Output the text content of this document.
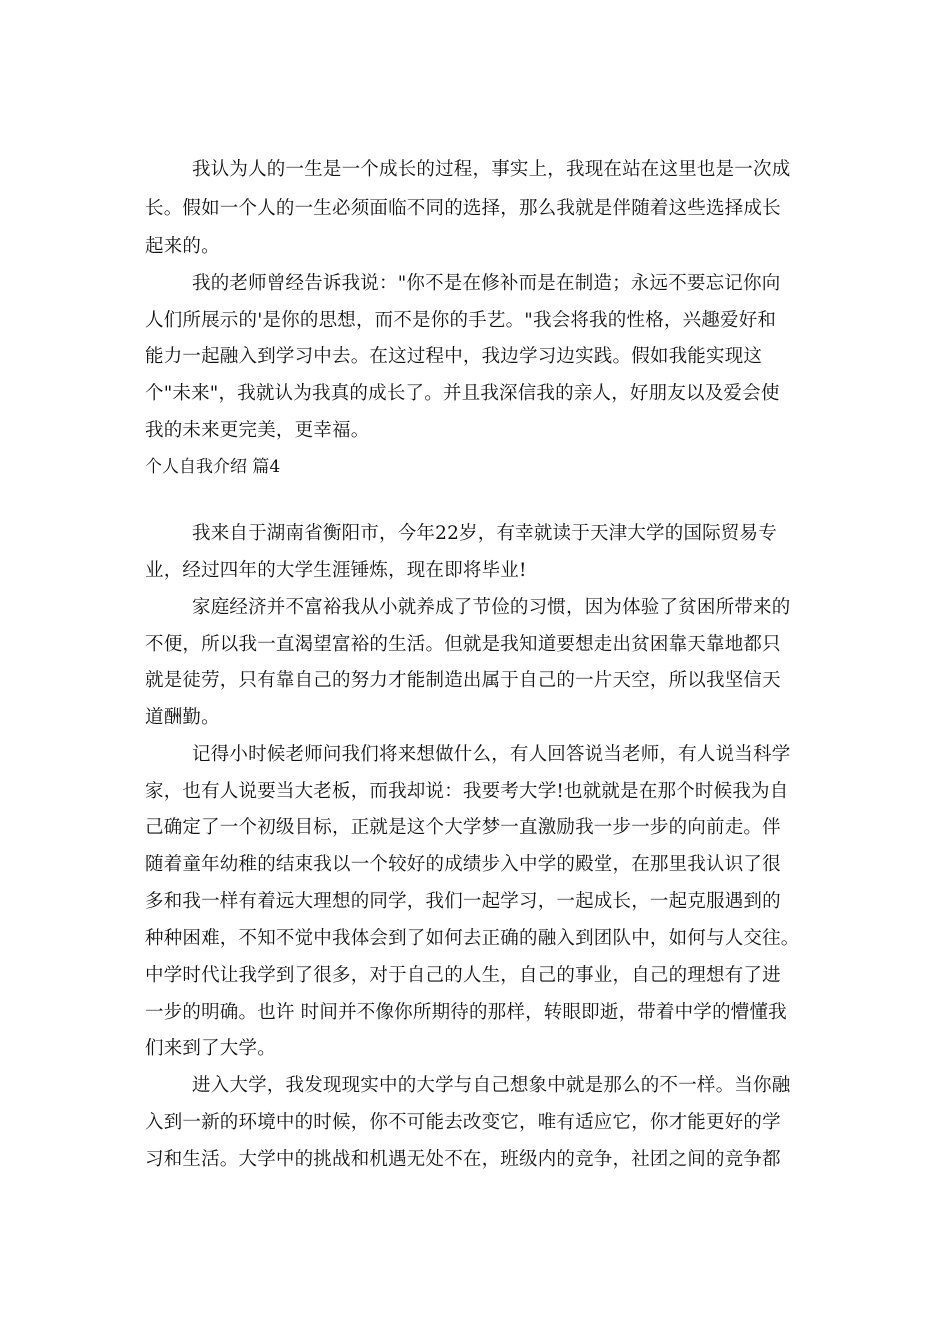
我认为人的一生是一个成长的过程，事实上，我现在站在这里也是一次成
长。假如一个人的一生必须面临不同的选择，那么我就是伴随着这些选择成长
起来的。
我的老师曾经告诉我说："你不是在修补而是在制造；永远不要忘记你向
人们所展示的'是你的思想，而不是你的手艺。"我会将我的性格，兴趣爱好和
能力一起融入到学习中去。在这过程中，我边学习边实践。假如我能实现这
个"未来"，我就认为我真的成长了。并且我深信我的亲人，好朋友以及爱会使
我的未来更完美，更幸福。
个人自我介绍 篇4
我来自于湖南省衡阳市，今年22岁，有幸就读于天津大学的国际贸易专
业，经过四年的大学生涯锤炼，现在即将毕业!
家庭经济并不富裕我从小就养成了节俭的习惯，因为体验了贫困所带来的
不便，所以我一直渴望富裕的生活。但就是我知道要想走出贫困靠天靠地都只
就是徒劳，只有靠自己的努力才能制造出属于自己的一片天空，所以我坚信天
道酬勤。
记得小时候老师问我们将来想做什么，有人回答说当老师，有人说当科学
家，也有人说要当大老板，而我却说：我要考大学!也就就是在那个时候我为自
己确定了一个初级目标，正就是这个大学梦一直激励我一步一步的向前走。伴
随着童年幼稚的结束我以一个较好的成绩步入中学的殿堂，在那里我认识了很
多和我一样有着远大理想的同学，我们一起学习，一起成长，一起克服遇到的
种种困难，不知不觉中我体会到了如何去正确的融入到团队中，如何与人交往。
中学时代让我学到了很多，对于自己的人生，自己的事业，自己的理想有了进
一步的明确。也许 时间并不像你所期待的那样，转眼即逝，带着中学的懵懂我
们来到了大学。
进入大学，我发现现实中的大学与自己想象中就是那么的不一样。当你融
入到一新的环境中的时候，你不可能去改变它，唯有适应它，你才能更好的学
习和生活。大学中的挑战和机遇无处不在，班级内的竞争，社团之间的竞争都
